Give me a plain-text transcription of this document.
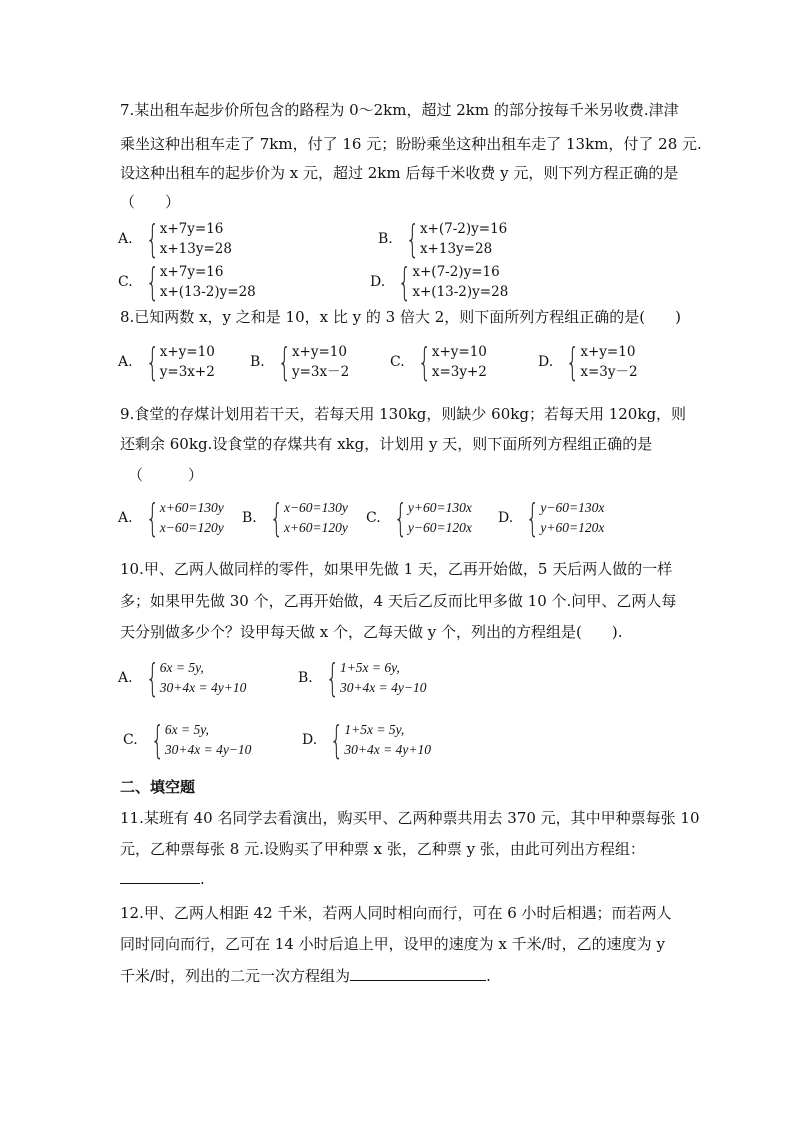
7.某出租车起步价所包含的路程为 0～2km，超过 2km 的部分按每千米另收费.津津
乘坐这种出租车走了 7km，付了 16 元；盼盼乘坐这种出租车走了 13km，付了 28 元.
设这种出租车的起步价为 x 元，超过 2km 后每千米收费 y 元，则下列方程正确的是
（　　）
A. { x+7y=16
x+13y=28
B. { x+(7-2)y=16
x+13y=28
C. { x+7y=16
x+(13-2)y=28
D. { x+(7-2)y=16
x+(13-2)y=28
8.已知两数 x，y 之和是 10，x 比 y 的 3 倍大 2，则下面所列方程组正确的是(　　)
A. { x+y=10
y=3x+2
B. { x+y=10
y=3x－2
C. { x+y=10
x=3y+2
D. { x+y=10
x=3y－2
9.食堂的存煤计划用若干天，若每天用 130kg，则缺少 60kg；若每天用 120kg，则
还剩余 60kg.设食堂的存煤共有 xkg，计划用 y 天，则下面所列方程组正确的是
（　　　）
A. { x+60=130y
x−60=120y
B. { x−60=130y
x+60=120y
C. { y+60=130x
y−60=120x
D. { y−60=130x
y+60=120x
10.甲、乙两人做同样的零件，如果甲先做 1 天，乙再开始做，5 天后两人做的一样
多；如果甲先做 30 个，乙再开始做，4 天后乙反而比甲多做 10 个.问甲、乙两人每
天分别做多少个？设甲每天做 x 个，乙每天做 y 个，列出的方程组是(　　).
A. { 6x = 5y,
30+4x = 4y+10
B. { 1+5x = 6y,
30+4x = 4y−10
C. { 6x = 5y,
30+4x = 4y−10
D. { 1+5x = 5y,
30+4x = 4y+10
二、填空题
11.某班有 40 名同学去看演出，购买甲、乙两种票共用去 370 元，其中甲种票每张 10
元，乙种票每张 8 元.设购买了甲种票 x 张，乙种票 y 张，由此可列出方程组：
.
12.甲、乙两人相距 42 千米，若两人同时相向而行，可在 6 小时后相遇；而若两人
同时同向而行，乙可在 14 小时后追上甲，设甲的速度为 x 千米/时，乙的速度为 y
千米/时，列出的二元一次方程组为	.
